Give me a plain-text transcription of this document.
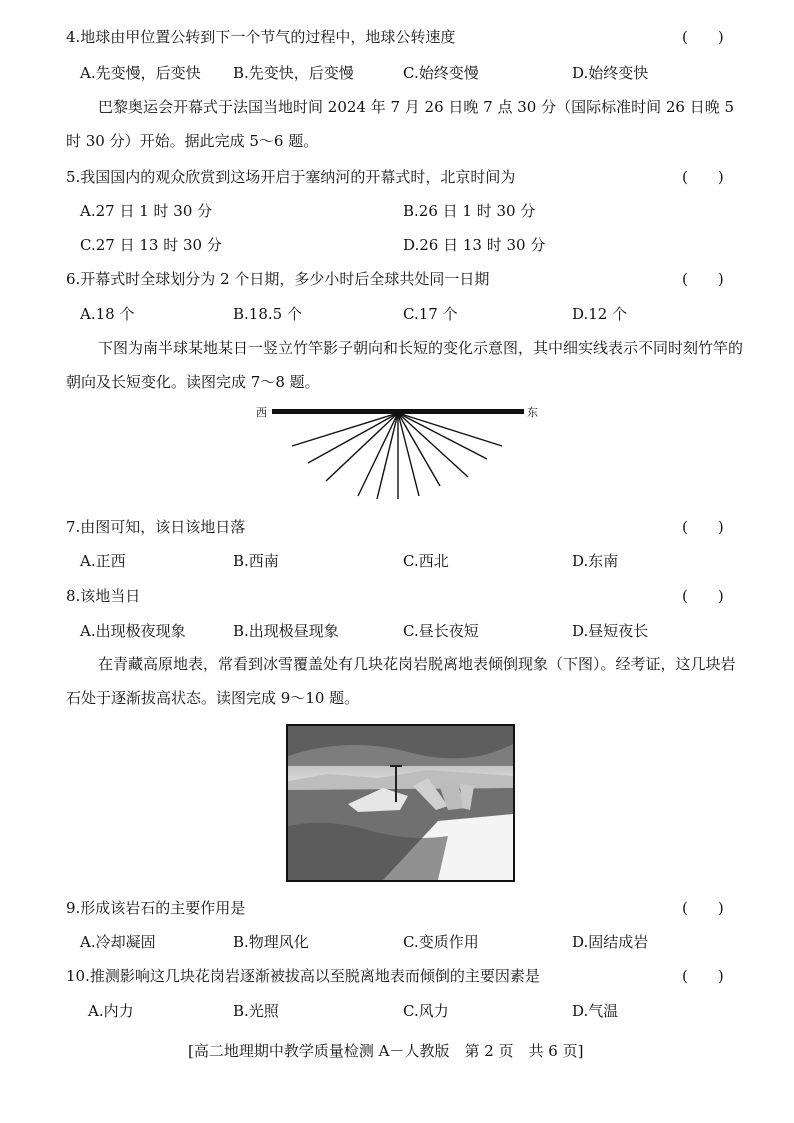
4.地球由甲位置公转到下一个节气的过程中，地球公转速度	(　　)
A.先变慢，后变快 B.先变快，后变慢	C.始终变慢	D.始终变快
巴黎奥运会开幕式于法国当地时间 2024 年 7 月 26 日晚 7 点 30 分（国际标准时间 26 日晚 5 时 30 分）开始。据此完成 5～6 题。
5.我国国内的观众欣赏到这场开启于塞纳河的开幕式时，北京时间为	(　　)
A.27 日 1 时 30 分	B.26 日 1 时 30 分
C.27 日 13 时 30 分	D.26 日 13 时 30 分
6.开幕式时全球划分为 2 个日期，多少小时后全球共处同一日期	(　　)
A.18 个	B.18.5 个	C.17 个	D.12 个
下图为南半球某地某日一竖立竹竿影子朝向和长短的变化示意图，其中细实线表示不同时刻竹竿的朝向及长短变化。读图完成 7～8 题。
西	东
7.由图可知，该日该地日落	(　　)
A.正西	B.西南	C.西北	D.东南
8.该地当日	(　　)
A.出现极夜现象	B.出现极昼现象	C.昼长夜短	D.昼短夜长
在青藏高原地表，常看到冰雪覆盖处有几块花岗岩脱离地表倾倒现象（下图）。经考证，这几块岩石处于逐渐拔高状态。读图完成 9～10 题。
9.形成该岩石的主要作用是	(　　)
A.冷却凝固	B.物理风化	C.变质作用	D.固结成岩
10.推测影响这几块花岗岩逐渐被拔高以至脱离地表而倾倒的主要因素是	(　　)
A.内力	B.光照	C.风力	D.气温
[高二地理期中教学质量检测 A－人教版　第 2 页　共 6 页]
